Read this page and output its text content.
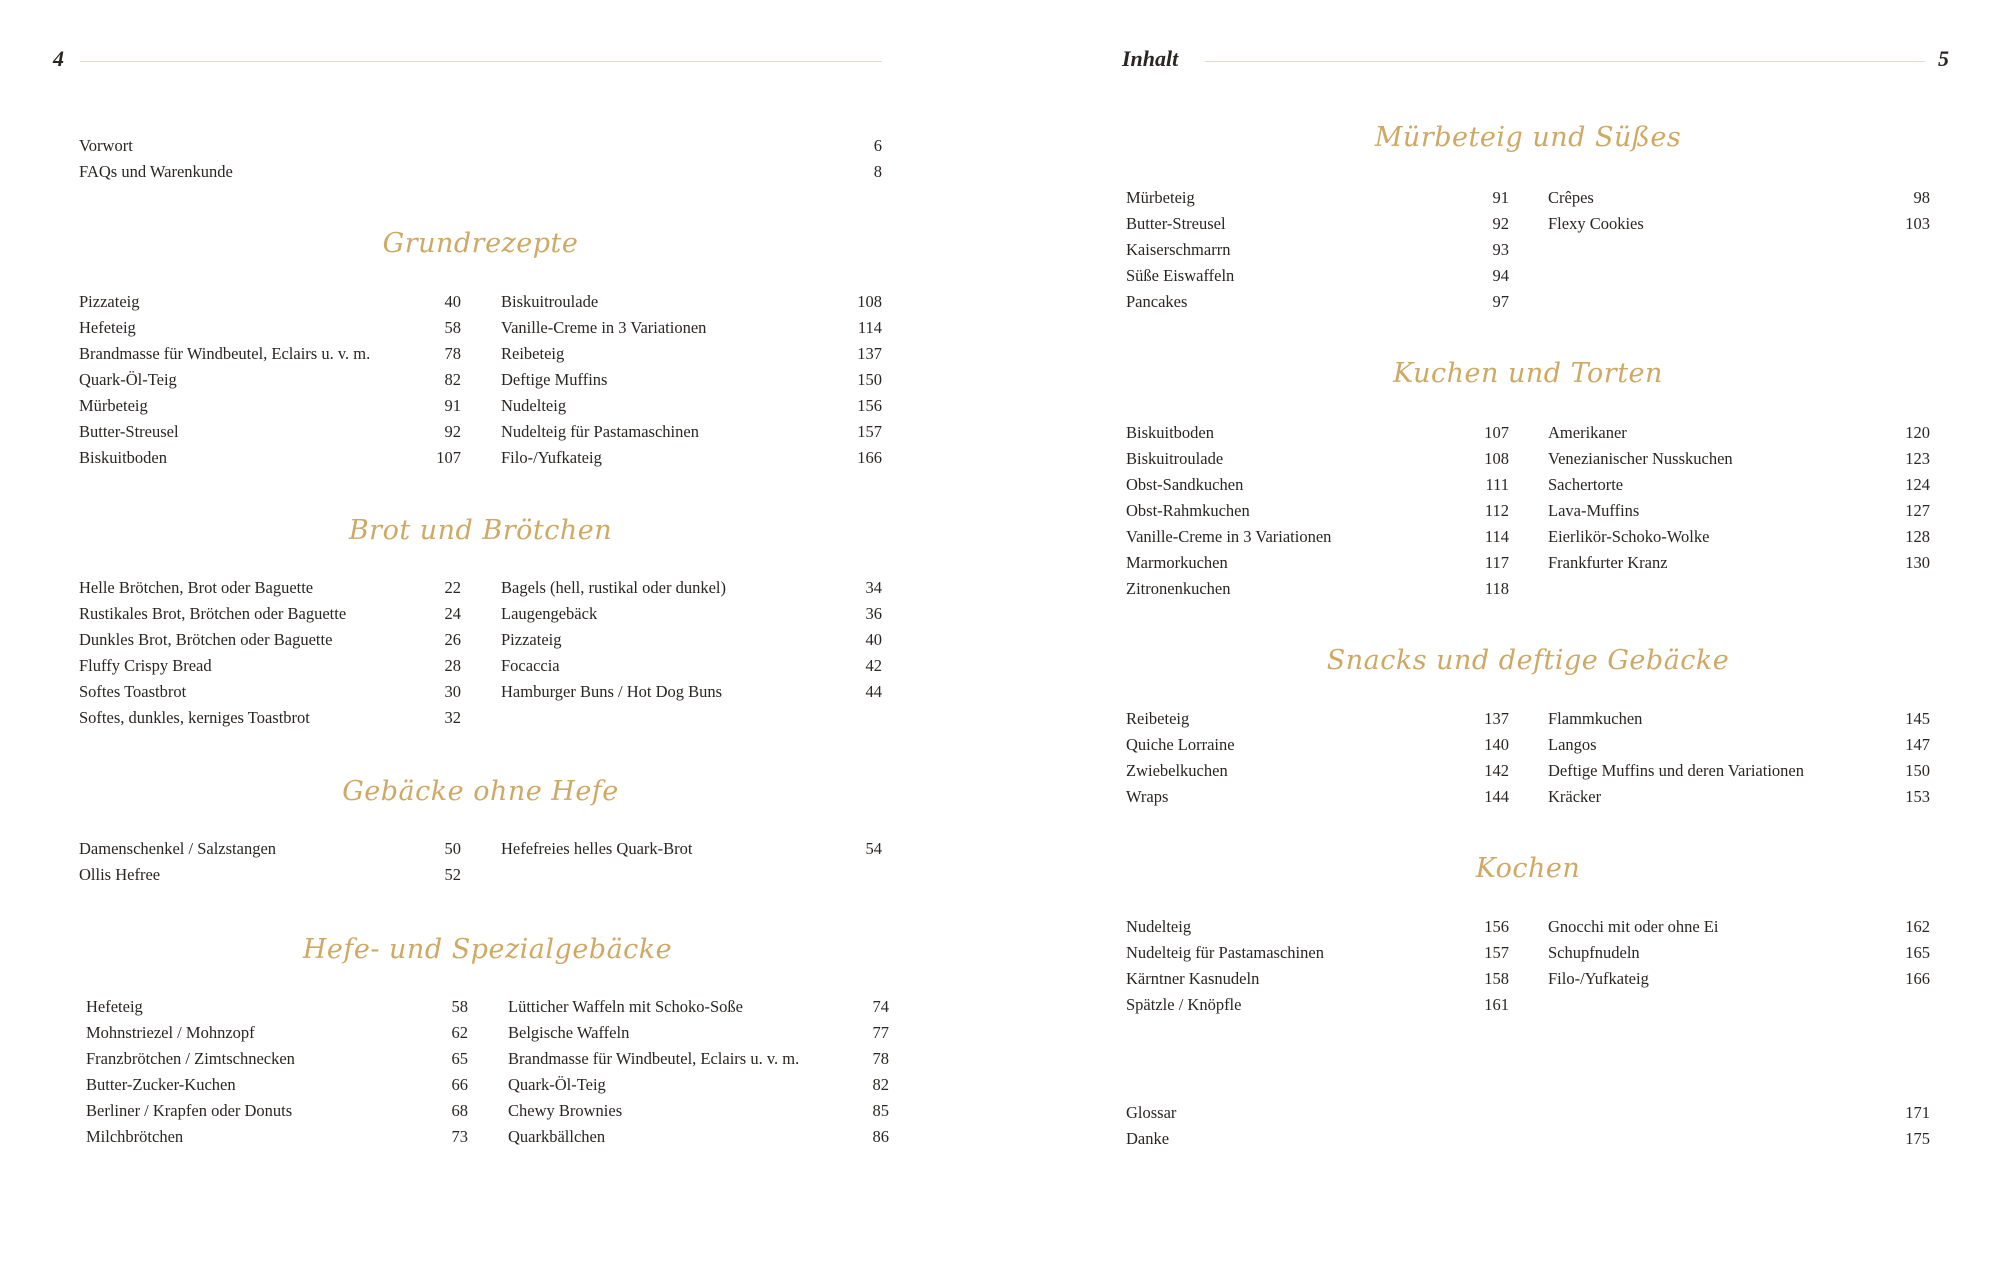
4
Vorwort	6
FAQs und Warenkunde	8
Grundrezepte
Pizzateig	40
Hefeteig	58
Brandmasse für Windbeutel, Eclairs u. v. m.	78
Quark-Öl-Teig	82
Mürbeteig	91
Butter-Streusel	92
Biskuitboden	107
Biskuitroulade	108
Vanille-Creme in 3 Variationen	114
Reibeteig	137
Deftige Muffins	150
Nudelteig	156
Nudelteig für Pastamaschinen	157
Filo-/Yufkateig	166
Brot und Brötchen
Helle Brötchen, Brot oder Baguette	22
Rustikales Brot, Brötchen oder Baguette	24
Dunkles Brot, Brötchen oder Baguette	26
Fluffy Crispy Bread	28
Softes Toastbrot	30
Softes, dunkles, kerniges Toastbrot	32
Bagels (hell, rustikal oder dunkel)	34
Laugengebäck	36
Pizzateig	40
Focaccia	42
Hamburger Buns / Hot Dog Buns	44
Gebäcke ohne Hefe
Damenschenkel / Salzstangen	50
Ollis Hefree	52
Hefefreies helles Quark-Brot	54
Hefe- und Spezialgebäcke
Hefeteig	58
Mohnstriezel / Mohnzopf	62
Franzbrötchen / Zimtschnecken	65
Butter-Zucker-Kuchen	66
Berliner / Krapfen oder Donuts	68
Milchbrötchen	73
Lütticher Waffeln mit Schoko-Soße	74
Belgische Waffeln	77
Brandmasse für Windbeutel, Eclairs u. v. m.	78
Quark-Öl-Teig	82
Chewy Brownies	85
Quarkbällchen	86
Inhalt	5
Mürbeteig und Süßes
Mürbeteig	91
Butter-Streusel	92
Kaiserschmarrn	93
Süße Eiswaffeln	94
Pancakes	97
Crêpes	98
Flexy Cookies	103
Kuchen und Torten
Biskuitboden	107
Biskuitroulade	108
Obst-Sandkuchen	111
Obst-Rahmkuchen	112
Vanille-Creme in 3 Variationen	114
Marmorkuchen	117
Zitronenkuchen	118
Amerikaner	120
Venezianischer Nusskuchen	123
Sachertorte	124
Lava-Muffins	127
Eierlikör-Schoko-Wolke	128
Frankfurter Kranz	130
Snacks und deftige Gebäcke
Reibeteig	137
Quiche Lorraine	140
Zwiebelkuchen	142
Wraps	144
Flammkuchen	145
Langos	147
Deftige Muffins und deren Variationen	150
Kräcker	153
Kochen
Nudelteig	156
Nudelteig für Pastamaschinen	157
Kärntner Kasnudeln	158
Spätzle / Knöpfle	161
Gnocchi mit oder ohne Ei	162
Schupfnudeln	165
Filo-/Yufkateig	166
Glossar	171
Danke	175
